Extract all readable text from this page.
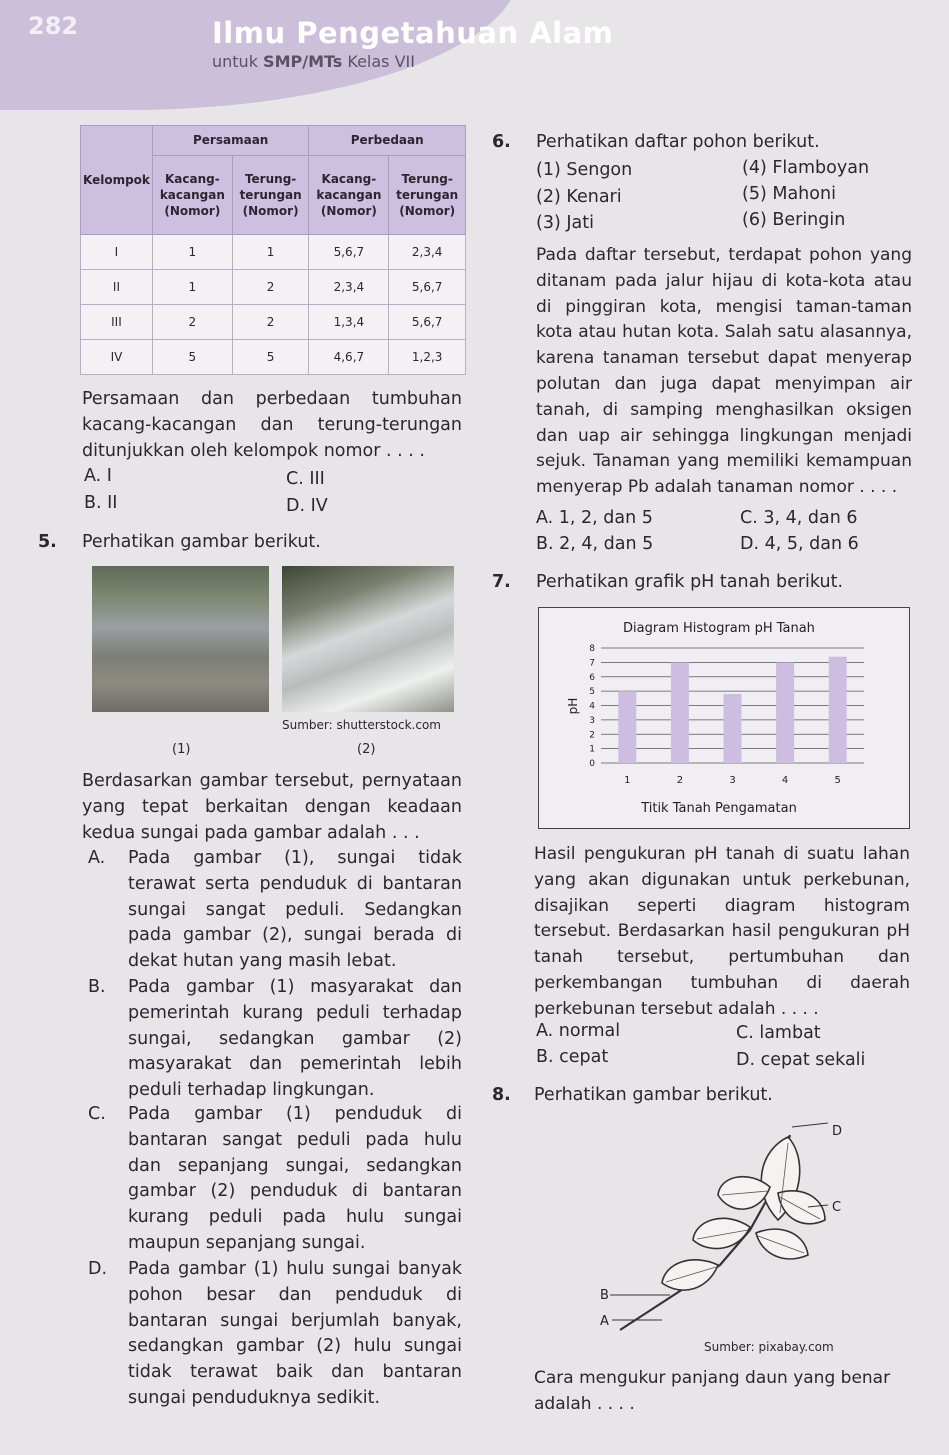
282	Ilmu Pengetahuan Alam
untuk SMP/MTs Kelas VII
Kelompok	Persamaan		Perbedaan	
	Kacang-kacangan (Nomor)	Terung-terungan (Nomor)	Kacang-kacangan (Nomor)	Terung-terungan (Nomor)
I	1	1	5,6,7	2,3,4
II	1	2	2,3,4	5,6,7
III	2	2	1,3,4	5,6,7
IV	5	5	4,6,7	1,2,3
Persamaan dan perbedaan tumbuhan kacang-kacangan dan terung-terungan ditunjukkan oleh kelompok nomor . . . .
A. I	C. III
B. II	D. IV
5. Perhatikan gambar berikut.
Sumber: shutterstock.com
(1)	(2)
Berdasarkan gambar tersebut, pernyataan yang tepat berkaitan dengan keadaan kedua sungai pada gambar adalah . . .
A. Pada gambar (1), sungai tidak terawat serta penduduk di bantaran sungai sangat peduli. Sedangkan pada gambar (2), sungai berada di dekat hutan yang masih lebat.
B. Pada gambar (1) masyarakat dan pemerintah kurang peduli terhadap sungai, sedangkan gambar (2) masyarakat dan pemerintah lebih peduli terhadap lingkungan.
C. Pada gambar (1) penduduk di bantaran sangat peduli pada hulu dan sepanjang sungai, sedangkan gambar (2) penduduk di bantaran kurang peduli pada hulu sungai maupun sepanjang sungai.
D. Pada gambar (1) hulu sungai banyak pohon besar dan penduduk di bantaran sungai berjumlah banyak, sedangkan gambar (2) hulu sungai tidak terawat baik dan bantaran sungai penduduknya sedikit.
6. Perhatikan daftar pohon berikut.
(1) Sengon
(2) Kenari
(3) Jati
(4) Flamboyan
(5) Mahoni
(6) Beringin
Pada daftar tersebut, terdapat pohon yang ditanam pada jalur hijau di kota-kota atau di pinggiran kota, mengisi taman-taman kota atau hutan kota. Salah satu alasannya, karena tanaman tersebut dapat menyerap polutan dan juga dapat menyimpan air tanah, di samping menghasilkan oksigen dan uap air sehingga lingkungan menjadi sejuk. Tanaman yang memiliki kemampuan menyerap Pb adalah tanaman nomor . . . .
A. 1, 2, dan 5	C. 3, 4, dan 6
B. 2, 4, dan 5	D. 4, 5, dan 6
7. Perhatikan grafik pH tanah berikut.
Diagram Histogram pH Tanah
Titik Tanah Pengamatan
pH
0
1
2
3
4
5
6
7
8
1	2	3	4	5
Hasil pengukuran pH tanah di suatu lahan yang akan digunakan untuk perkebunan, disajikan seperti diagram histogram tersebut. Berdasarkan hasil pengukuran pH tanah tersebut, pertumbuhan dan perkembangan tumbuhan di daerah perkebunan tersebut adalah . . . .
A. normal	C. lambat
B. cepat	D. cepat sekali
8. Perhatikan gambar berikut.
D
C
B
A
Sumber: pixabay.com
Cara mengukur panjang daun yang benar adalah . . . .
